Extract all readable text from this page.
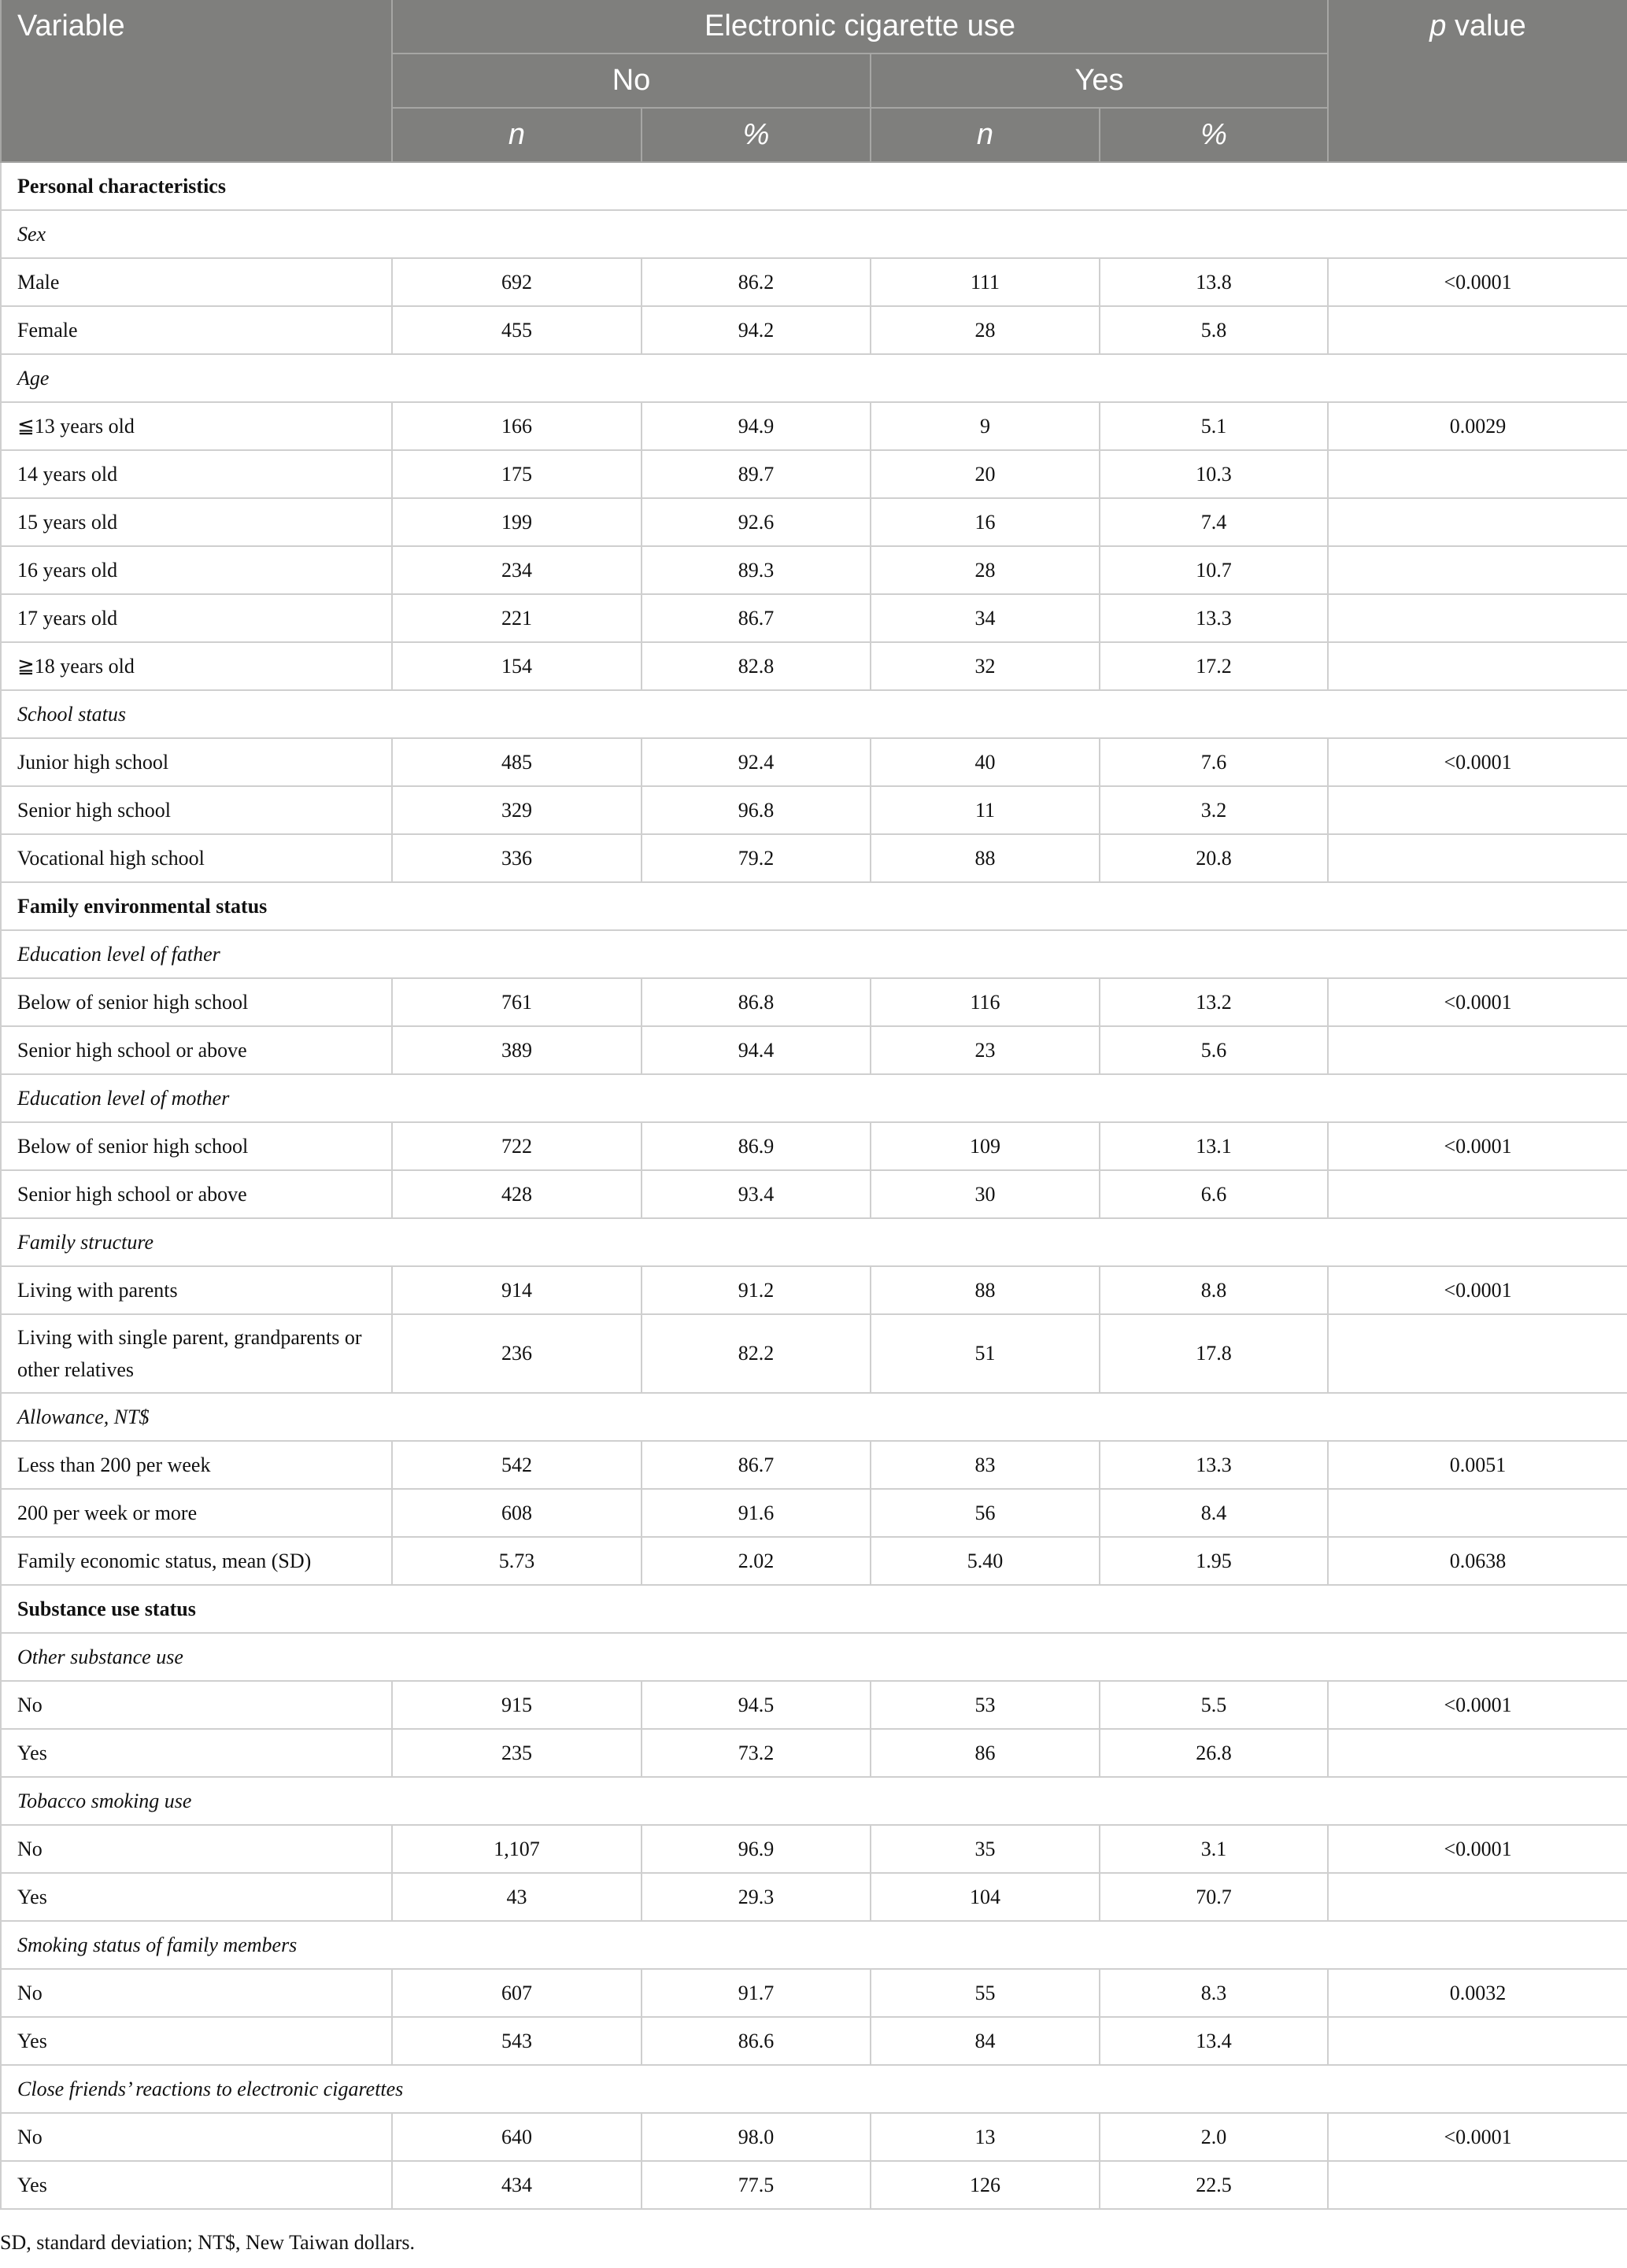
Variable	Electronic cigarette use				p value
	No		Yes		
	n	%	n	%	
Personal characteristics					
Sex					
Male	692	86.2	111	13.8	<0.0001
Female	455	94.2	28	5.8	
Age					
≦13 years old	166	94.9	9	5.1	0.0029
14 years old	175	89.7	20	10.3	
15 years old	199	92.6	16	7.4	
16 years old	234	89.3	28	10.7	
17 years old	221	86.7	34	13.3	
≧18 years old	154	82.8	32	17.2	
School status					
Junior high school	485	92.4	40	7.6	<0.0001
Senior high school	329	96.8	11	3.2	
Vocational high school	336	79.2	88	20.8	
Family environmental status					
Education level of father					
Below of senior high school	761	86.8	116	13.2	<0.0001
Senior high school or above	389	94.4	23	5.6	
Education level of mother					
Below of senior high school	722	86.9	109	13.1	<0.0001
Senior high school or above	428	93.4	30	6.6	
Family structure					
Living with parents	914	91.2	88	8.8	<0.0001
Living with single parent, grandparents or other relatives	236	82.2	51	17.8	
Allowance, NT$					
Less than 200 per week	542	86.7	83	13.3	0.0051
200 per week or more	608	91.6	56	8.4	
Family economic status, mean (SD)	5.73	2.02	5.40	1.95	0.0638
Substance use status					
Other substance use					
No	915	94.5	53	5.5	<0.0001
Yes	235	73.2	86	26.8	
Tobacco smoking use					
No	1,107	96.9	35	3.1	<0.0001
Yes	43	29.3	104	70.7	
Smoking status of family members					
No	607	91.7	55	8.3	0.0032
Yes	543	86.6	84	13.4	
Close friends’ reactions to electronic cigarettes					
No	640	98.0	13	2.0	<0.0001
Yes	434	77.5	126	22.5	
SD, standard deviation; NT$, New Taiwan dollars.
